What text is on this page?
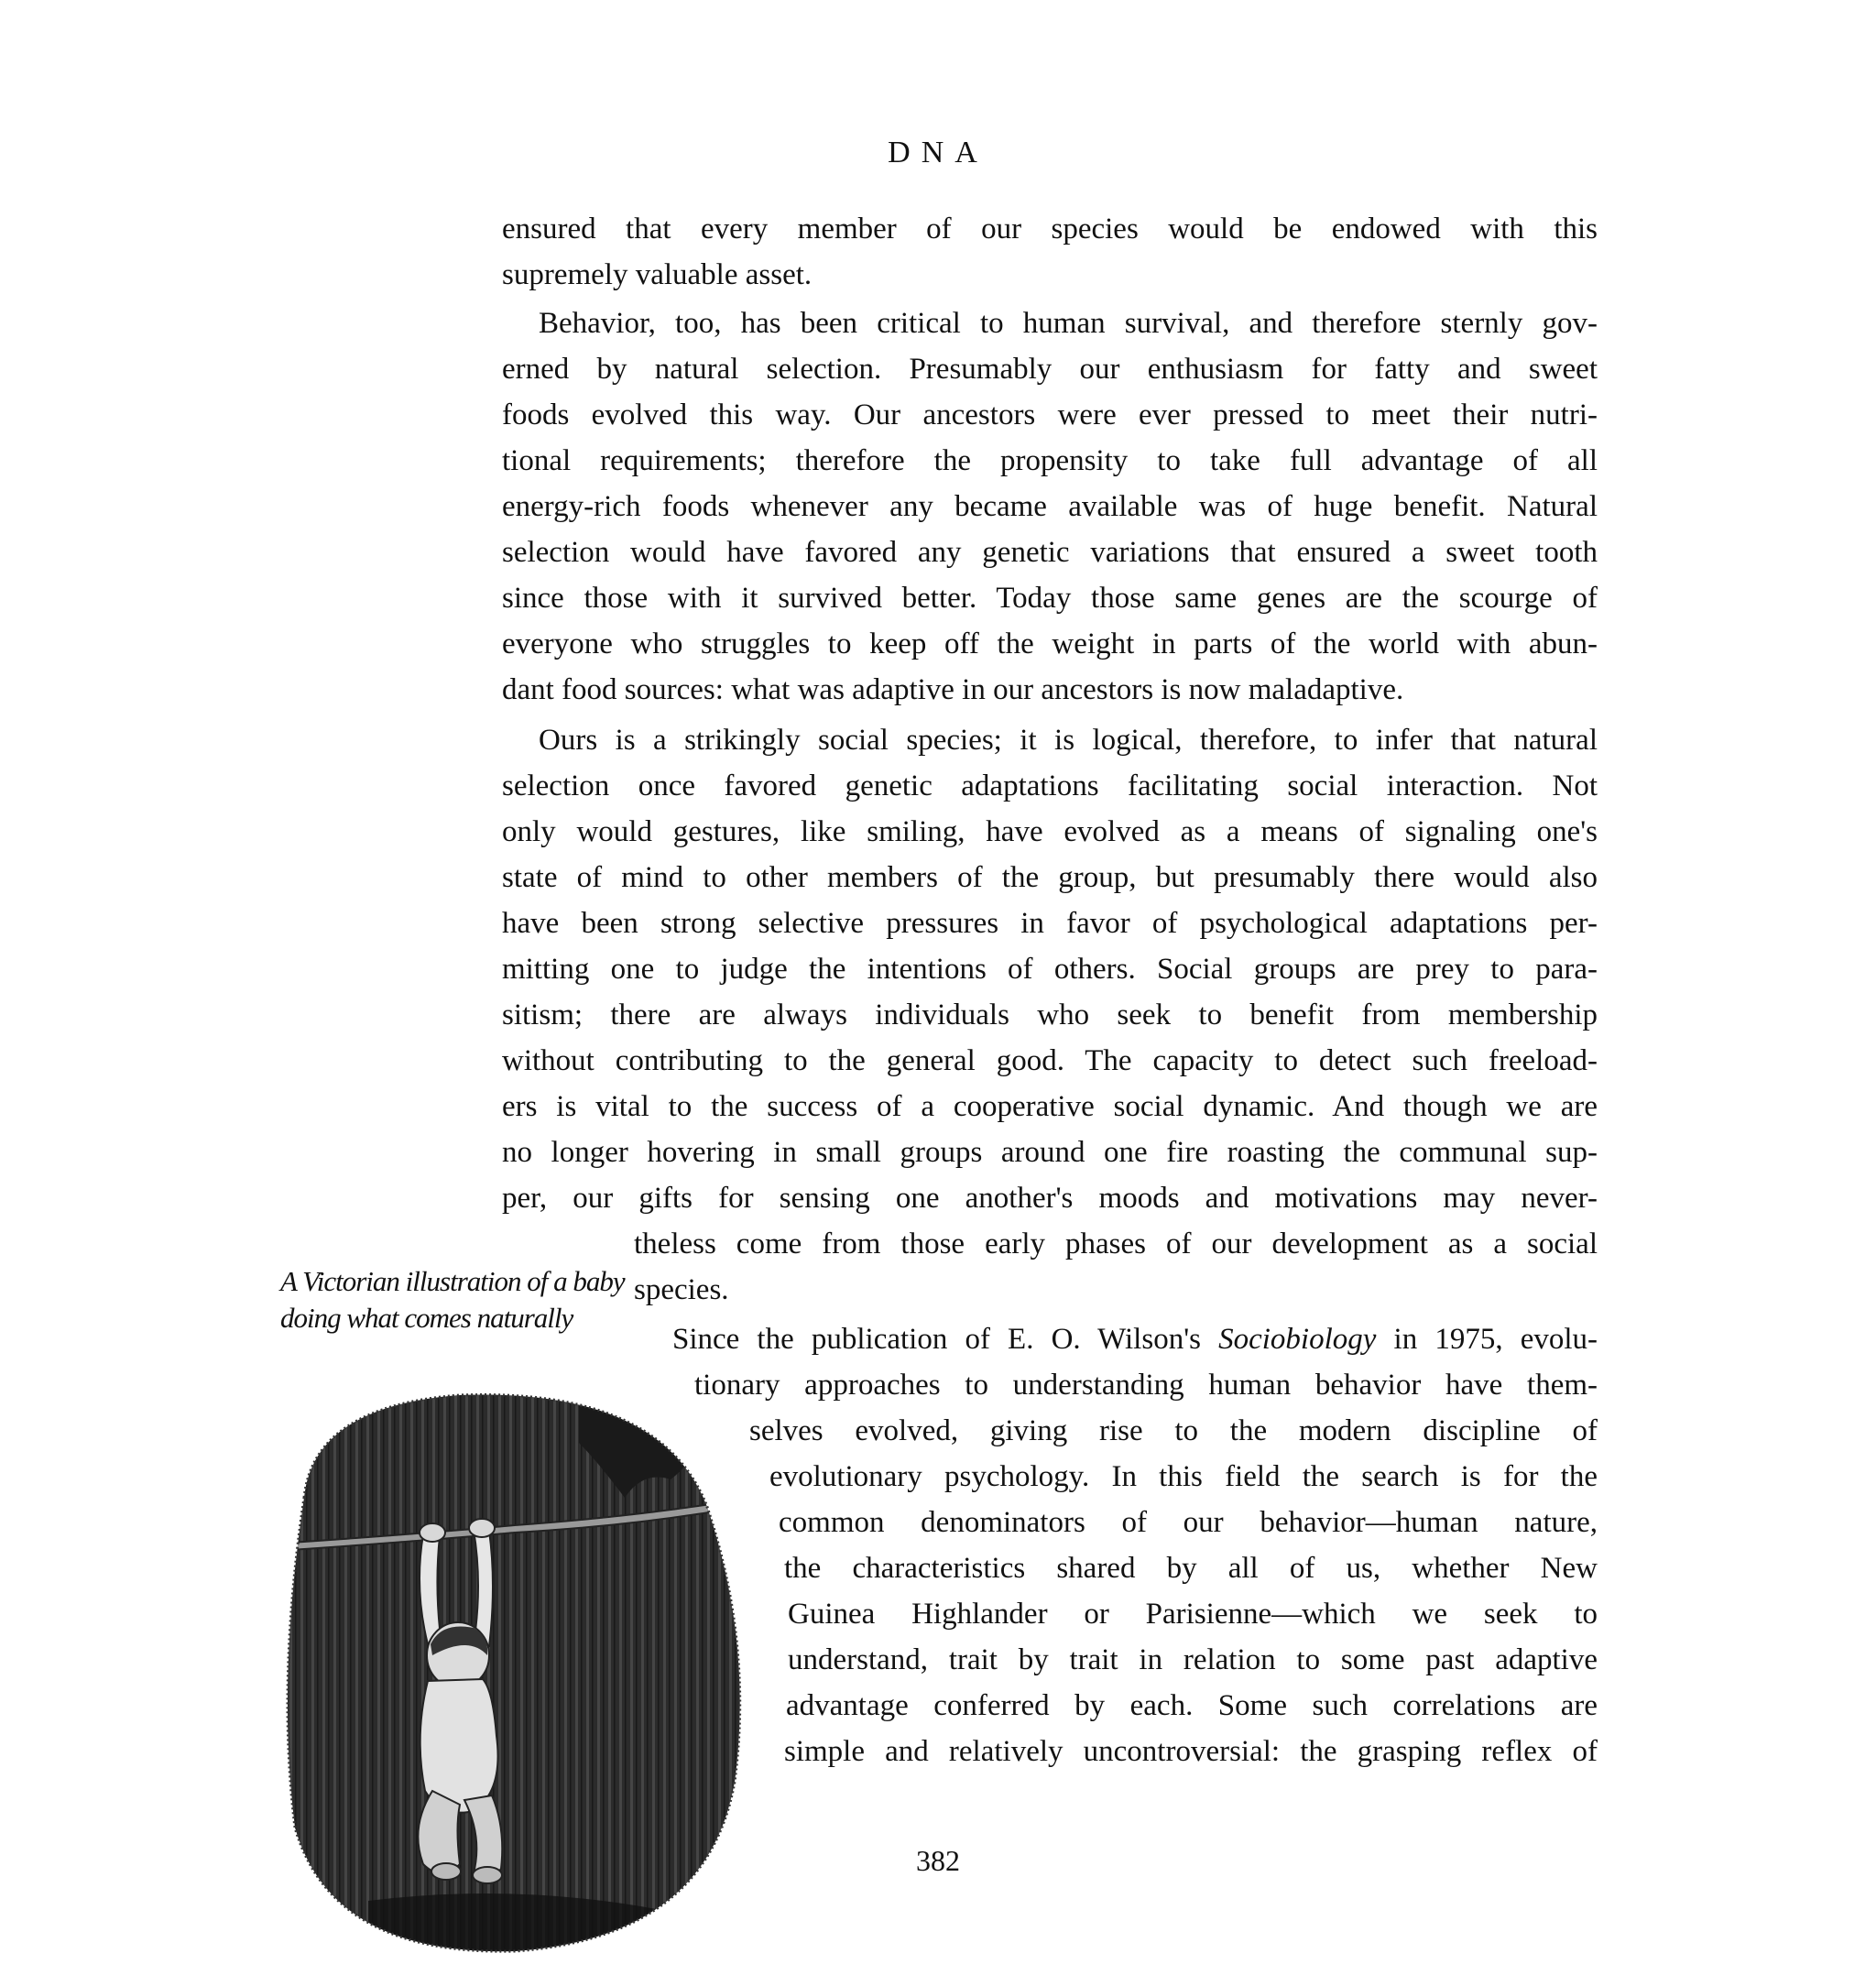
DNA

ensured that every member of our species would be endowed with this

supremely valuable asset.

Behavior, too, has been critical to human survival, and therefore sternly gov-

erned by natural selection. Presumably our enthusiasm for fatty and sweet

foods evolved this way. Our ancestors were ever pressed to meet their nutri-

tional requirements; therefore the propensity to take full advantage of all

energy-rich foods whenever any became available was of huge benefit. Natural

selection would have favored any genetic variations that ensured a sweet tooth

since those with it survived better. Today those same genes are the scourge of

everyone who struggles to keep off the weight in parts of the world with abun-

dant food sources: what was adaptive in our ancestors is now maladaptive.

Ours is a strikingly social species; it is logical, therefore, to infer that natural

selection once favored genetic adaptations facilitating social interaction. Not

only would gestures, like smiling, have evolved as a means of signaling one's

state of mind to other members of the group, but presumably there would also

have been strong selective pressures in favor of psychological adaptations per-

mitting one to judge the intentions of others. Social groups are prey to para-

sitism; there are always individuals who seek to benefit from membership

without contributing to the general good. The capacity to detect such freeload-

ers is vital to the success of a cooperative social dynamic. And though we are

no longer hovering in small groups around one fire roasting the communal sup-

per, our gifts for sensing one another's moods and motivations may never-

theless come from those early phases of our development as a social

species.

Since the publication of E. O. Wilson's Sociobiology in 1975, evolu-

tionary approaches to understanding human behavior have them-

selves evolved, giving rise to the modern discipline of

evolutionary psychology. In this field the search is for the

common denominators of our behavior—human nature,

the characteristics shared by all of us, whether New

Guinea Highlander or Parisienne—which we seek to

understand, trait by trait in relation to some past adaptive

advantage conferred by each. Some such correlations are

simple and relatively uncontroversial: the grasping reflex of

A Victorian illustration of a baby doing what comes naturally
382
